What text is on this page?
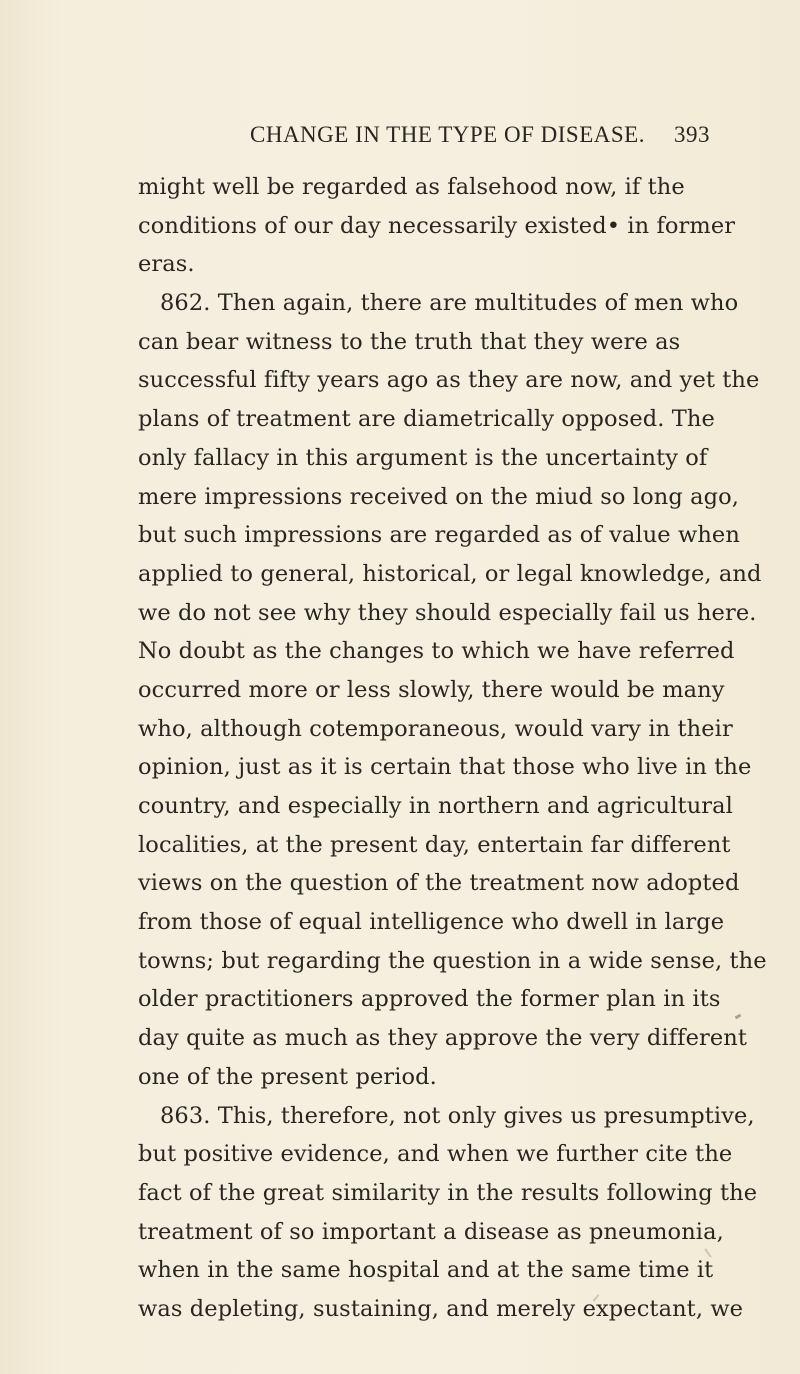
CHANGE IN THE TYPE OF DISEASE. 393
might well be regarded as falsehood now, if the
conditions of our day necessarily existed• in former
eras.
862. Then again, there are multitudes of men who
can bear witness to the truth that they were as
successful fifty years ago as they are now, and yet the
plans of treatment are diametrically opposed. The
only fallacy in this argument is the uncertainty of
mere impressions received on the miud so long ago,
but such impressions are regarded as of value when
applied to general, historical, or legal knowledge, and
we do not see why they should especially fail us here.
No doubt as the changes to which we have referred
occurred more or less slowly, there would be many
who, although cotemporaneous, would vary in their
opinion, just as it is certain that those who live in the
country, and especially in northern and agricultural
localities, at the present day, entertain far different
views on the question of the treatment now adopted
from those of equal intelligence who dwell in large
towns; but regarding the question in a wide sense, the
older practitioners approved the former plan in its
day quite as much as they approve the very different
one of the present period.
863. This, therefore, not only gives us presumptive,
but positive evidence, and when we further cite the
fact of the great similarity in the results following the
treatment of so important a disease as pneumonia,
when in the same hospital and at the same time it
was depleting, sustaining, and merely expectant, we
